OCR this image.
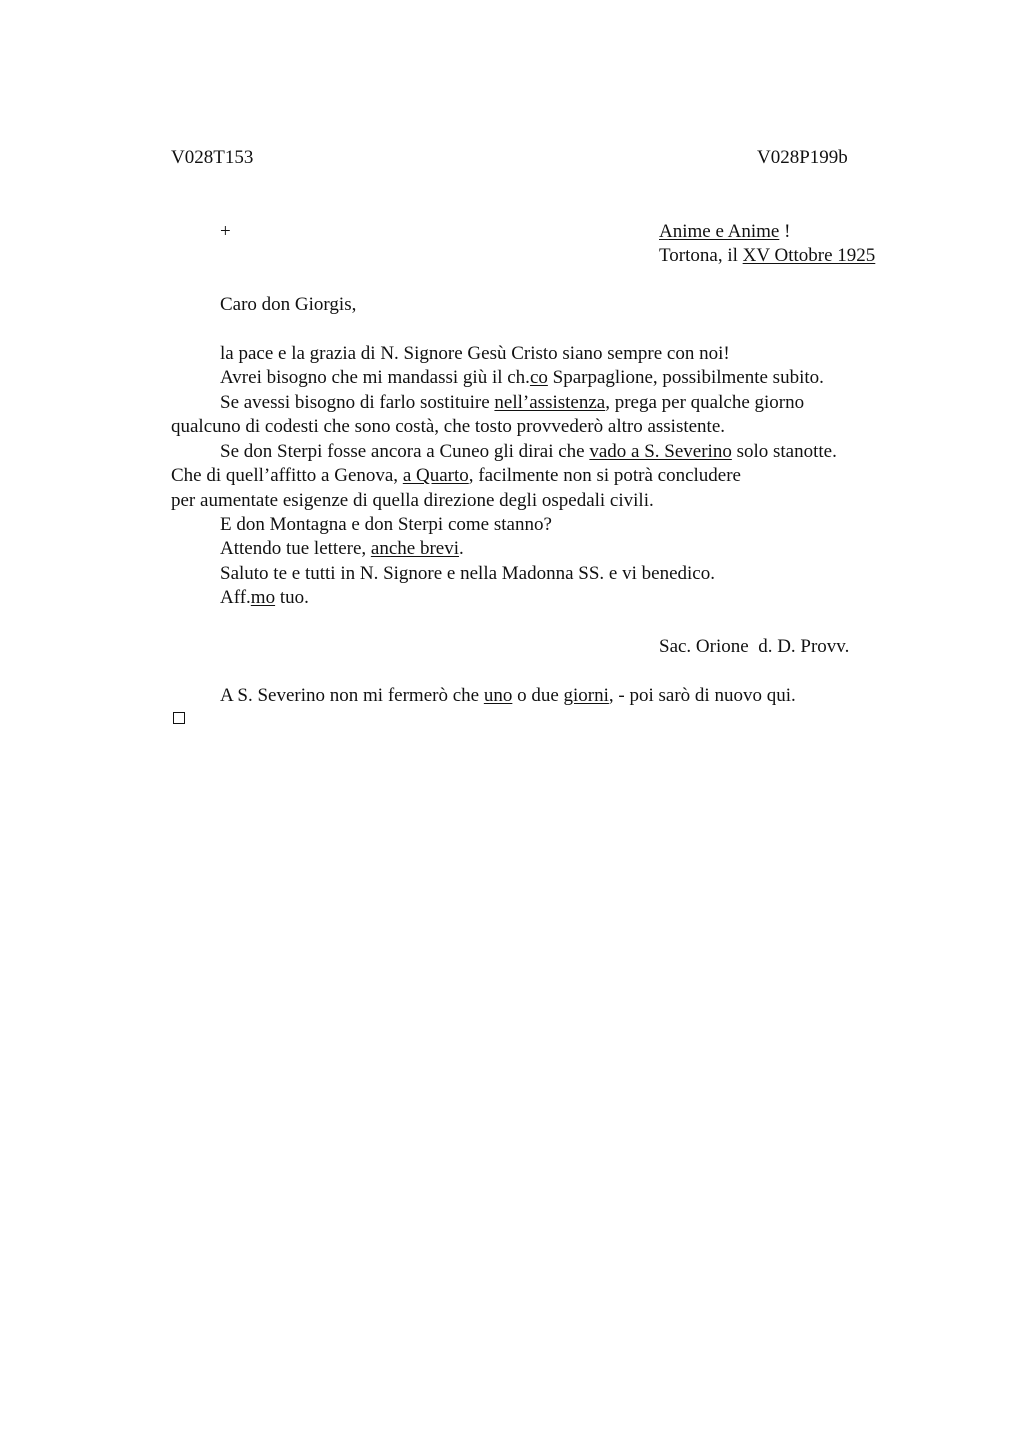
V028T153	V028P199b
+	Anime e Anime !
Tortona, il XV Ottobre 1925
Caro don Giorgis,
la pace e la grazia di N. Signore Gesù Cristo siano sempre con noi!
Avrei bisogno che mi mandassi giù il ch.co Sparpaglione, possibilmente subito.
Se avessi bisogno di farlo sostituire nell’assistenza, prega per qualche giorno
qualcuno di codesti che sono costà, che tosto provvederò altro assistente.
Se don Sterpi fosse ancora a Cuneo gli dirai che vado a S. Severino solo stanotte.
Che di quell’affitto a Genova, a Quarto, facilmente non si potrà concludere
per aumentate esigenze di quella direzione degli ospedali civili.
E don Montagna e don Sterpi come stanno?
Attendo tue lettere, anche brevi.
Saluto te e tutti in N. Signore e nella Madonna SS. e vi benedico.
Aff.mo tuo.
Sac. Orione  d. D. Provv.
A S. Severino non mi fermerò che uno o due giorni, - poi sarò di nuovo qui.
